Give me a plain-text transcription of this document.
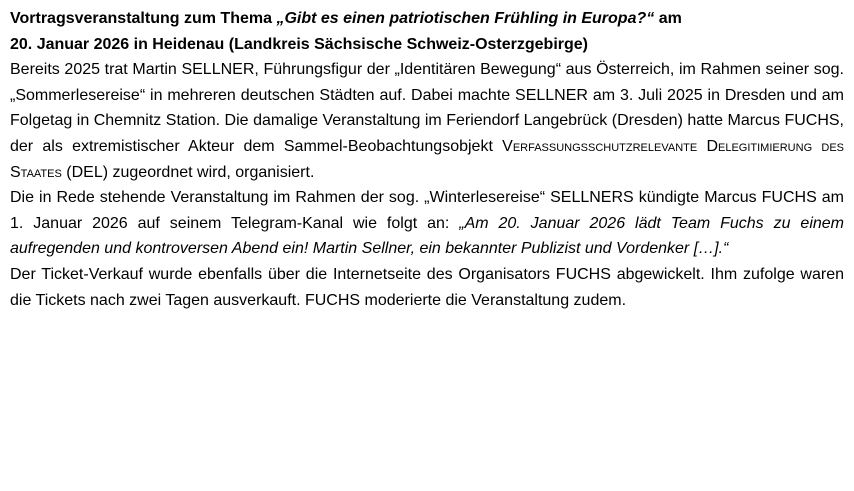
Vortragsveranstaltung zum Thema „Gibt es einen patriotischen Frühling in Europa?“ am
20. Januar 2026 in Heidenau (Landkreis Sächsische Schweiz-Osterzgebirge)

Bereits 2025 trat Martin SELLNER, Führungsfigur der „Identitären Bewegung“ aus Österreich, im Rahmen seiner sog. „Sommerlesereise“ in mehreren deutschen Städten auf. Dabei machte SELLNER am 3. Juli 2025 in Dresden und am Folgetag in Chemnitz Station. Die damalige Veranstaltung im Feriendorf Langebrück (Dresden) hatte Marcus FUCHS, der als extremistischer Akteur dem Sammel-Beobachtungsobjekt Verfassungsschutzrelevante Delegitimierung des Staates (DEL) zugeordnet wird, organisiert.

Die in Rede stehende Veranstaltung im Rahmen der sog. „Winterlesereise“ SELLNERS kündigte Marcus FUCHS am 1. Januar 2026 auf seinem Telegram-Kanal wie folgt an: „Am 20. Januar 2026 lädt Team Fuchs zu einem aufregenden und kontroversen Abend ein! Martin Sellner, ein bekannter Publizist und Vordenker […].“

Der Ticket-Verkauf wurde ebenfalls über die Internetseite des Organisators FUCHS abgewickelt. Ihm zufolge waren die Tickets nach zwei Tagen ausverkauft. FUCHS moderierte die Veranstaltung zudem.
